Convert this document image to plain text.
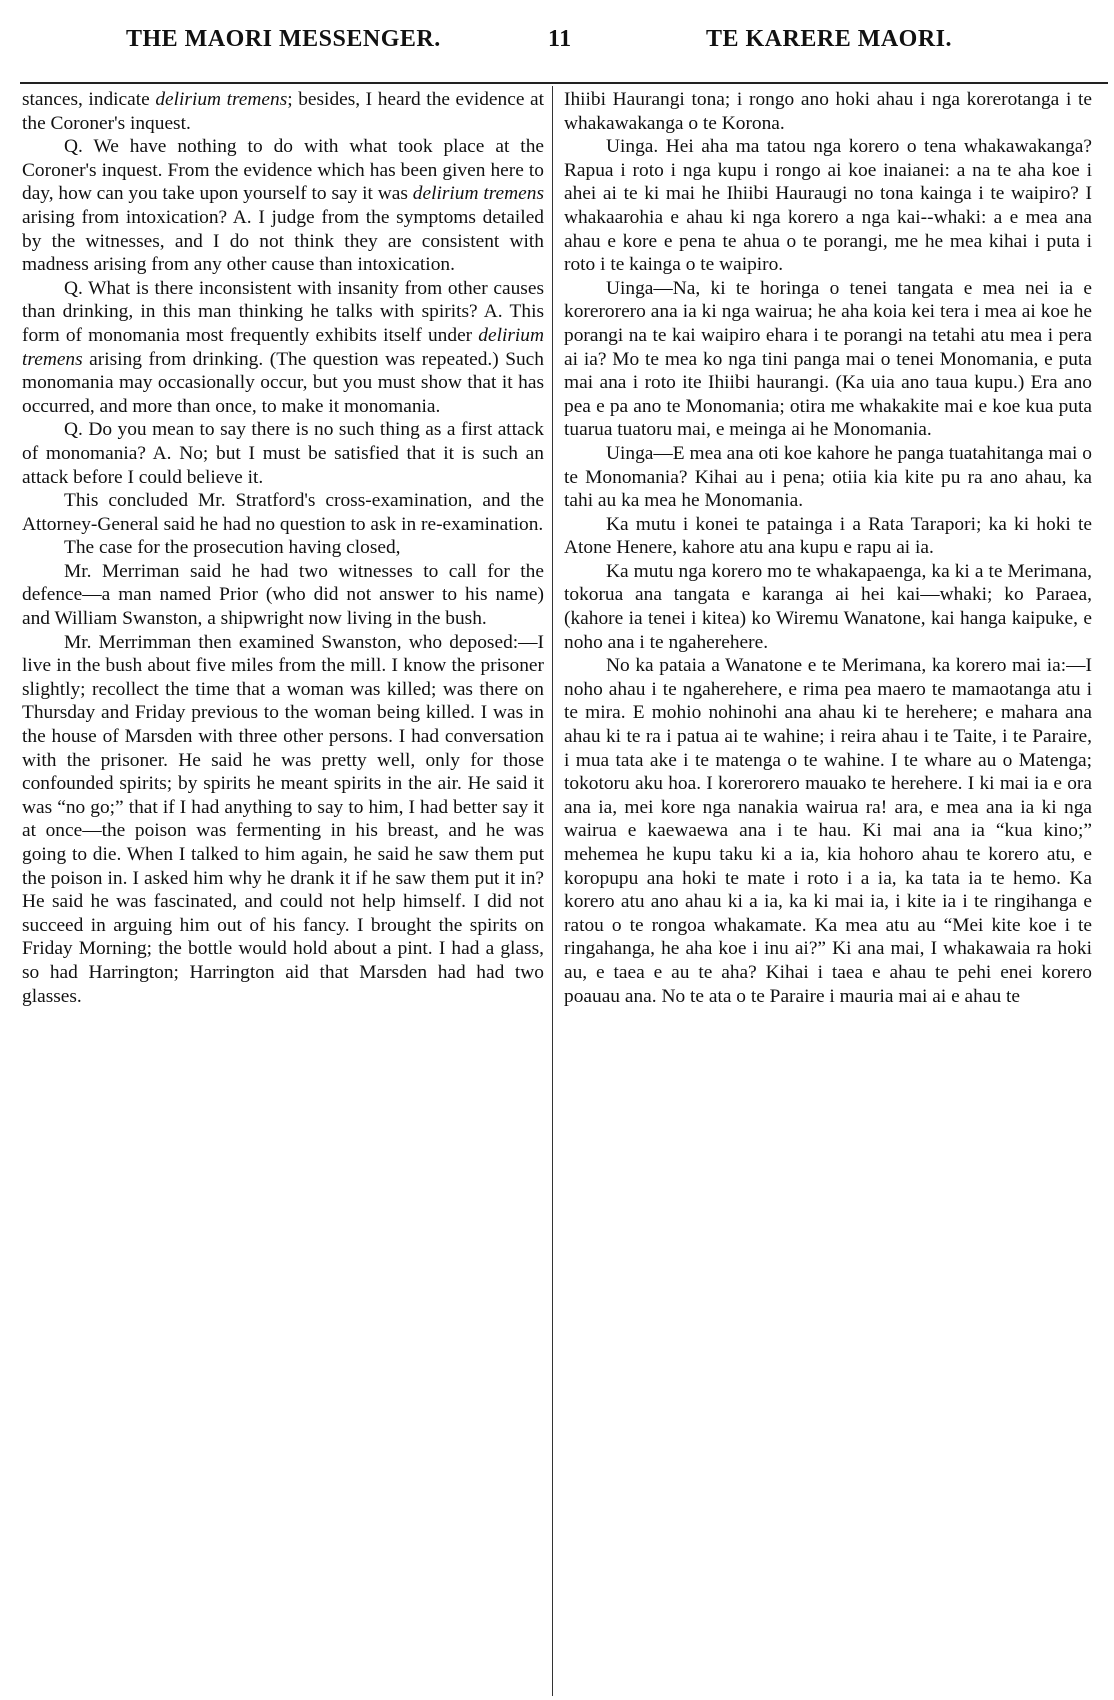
THE MAORI MESSENGER.	11	TE KARERE MAORI.

stances, indicate delirium tremens; besides, I heard the evidence at the Coroner's inquest.

Q. We have nothing to do with what took place at the Coroner's inquest. From the evidence which has been given here to day, how can you take upon yourself to say it was delirium tremens arising from intoxication? A. I judge from the symptoms detailed by the witnesses, and I do not think they are consistent with madness arising from any other cause than intoxication.

Q. What is there inconsistent with insanity from other causes than drinking, in this man thinking he talks with spirits? A. This form of monomania most frequently exhibits itself under delirium tremens arising from drinking. (The question was repeated.) Such monomania may occasionally occur, but you must show that it has occurred, and more than once, to make it monomania.

Q. Do you mean to say there is no such thing as a first attack of monomania? A. No; but I must be satisfied that it is such an attack before I could believe it.

This concluded Mr. Stratford's cross-examination, and the Attorney-General said he had no question to ask in re-examination.

The case for the prosecution having closed,

Mr. Merriman said he had two witnesses to call for the defence—a man named Prior (who did not answer to his name) and William Swanston, a shipwright now living in the bush.

Mr. Merrimman then examined Swanston, who deposed:—I live in the bush about five miles from the mill. I know the prisoner slightly; recollect the time that a woman was killed; was there on Thursday and Friday previous to the woman being killed. I was in the house of Marsden with three other persons. I had conversation with the prisoner. He said he was pretty well, only for those confounded spirits; by spirits he meant spirits in the air. He said it was “no go;” that if I had anything to say to him, I had better say it at once—the poison was fermenting in his breast, and he was going to die. When I talked to him again, he said he saw them put the poison in. I asked him why he drank it if he saw them put it in? He said he was fascinated, and could not help himself. I did not succeed in arguing him out of his fancy. I brought the spirits on Friday Morning; the bottle would hold about a pint. I had a glass, so had Harrington; Harrington aid that Marsden had had two glasses.

Ihiibi Haurangi tona; i rongo ano hoki ahau i nga korerotanga i te whakawakanga o te Korona.

Uinga. Hei aha ma tatou nga korero o tena whakawakanga? Rapua i roto i nga kupu i rongo ai koe inaianei: a na te aha koe i ahei ai te ki mai he Ihiibi Hauraugi no tona kainga i te waipiro? I whakaarohia e ahau ki nga korero a nga kai--whaki: a e mea ana ahau e kore e pena te ahua o te porangi, me he mea kihai i puta i roto i te kainga o te waipiro.

Uinga—Na, ki te horinga o tenei tangata e mea nei ia e korerorero ana ia ki nga wairua; he aha koia kei tera i mea ai koe he porangi na te kai waipiro ehara i te porangi na tetahi atu mea i pera ai ia? Mo te mea ko nga tini panga mai o tenei Monomania, e puta mai ana i roto ite Ihiibi haurangi. (Ka uia ano taua kupu.) Era ano pea e pa ano te Monomania; otira me whakakite mai e koe kua puta tuarua tuatoru mai, e meinga ai he Monomania.

Uinga—E mea ana oti koe kahore he panga tuatahitanga mai o te Monomania? Kihai au i pena; otiia kia kite pu ra ano ahau, ka tahi au ka mea he Monomania.

Ka mutu i konei te patainga i a Rata Tarapori; ka ki hoki te Atone Henere, kahore atu ana kupu e rapu ai ia.

Ka mutu nga korero mo te whakapaenga, ka ki a te Merimana, tokorua ana tangata e karanga ai hei kai—whaki; ko Paraea, (kahore ia tenei i kitea) ko Wiremu Wanatone, kai hanga kaipuke, e noho ana i te ngaherehere.

No ka pataia a Wanatone e te Merimana, ka korero mai ia:—I noho ahau i te ngaherehere, e rima pea maero te mamaotanga atu i te mira. E mohio nohinohi ana ahau ki te herehere; e mahara ana ahau ki te ra i patua ai te wahine; i reira ahau i te Taite, i te Paraire, i mua tata ake i te matenga o te wahine. I te whare au o Matenga; tokotoru aku hoa. I korerorero mauako te herehere. I ki mai ia e ora ana ia, mei kore nga nanakia wairua ra! ara, e mea ana ia ki nga wairua e kaewaewa ana i te hau. Ki mai ana ia “kua kino;” mehemea he kupu taku ki a ia, kia hohoro ahau te korero atu, e koropupu ana hoki te mate i roto i a ia, ka tata ia te hemo. Ka korero atu ano ahau ki a ia, ka ki mai ia, i kite ia i te ringihanga e ratou o te rongoa whakamate. Ka mea atu au “Mei kite koe i te ringahanga, he aha koe i inu ai?” Ki ana mai, I whakawaia ra hoki au, e taea e au te aha? Kihai i taea e ahau te pehi enei korero poauau ana. No te ata o te Paraire i mauria mai ai e ahau te
